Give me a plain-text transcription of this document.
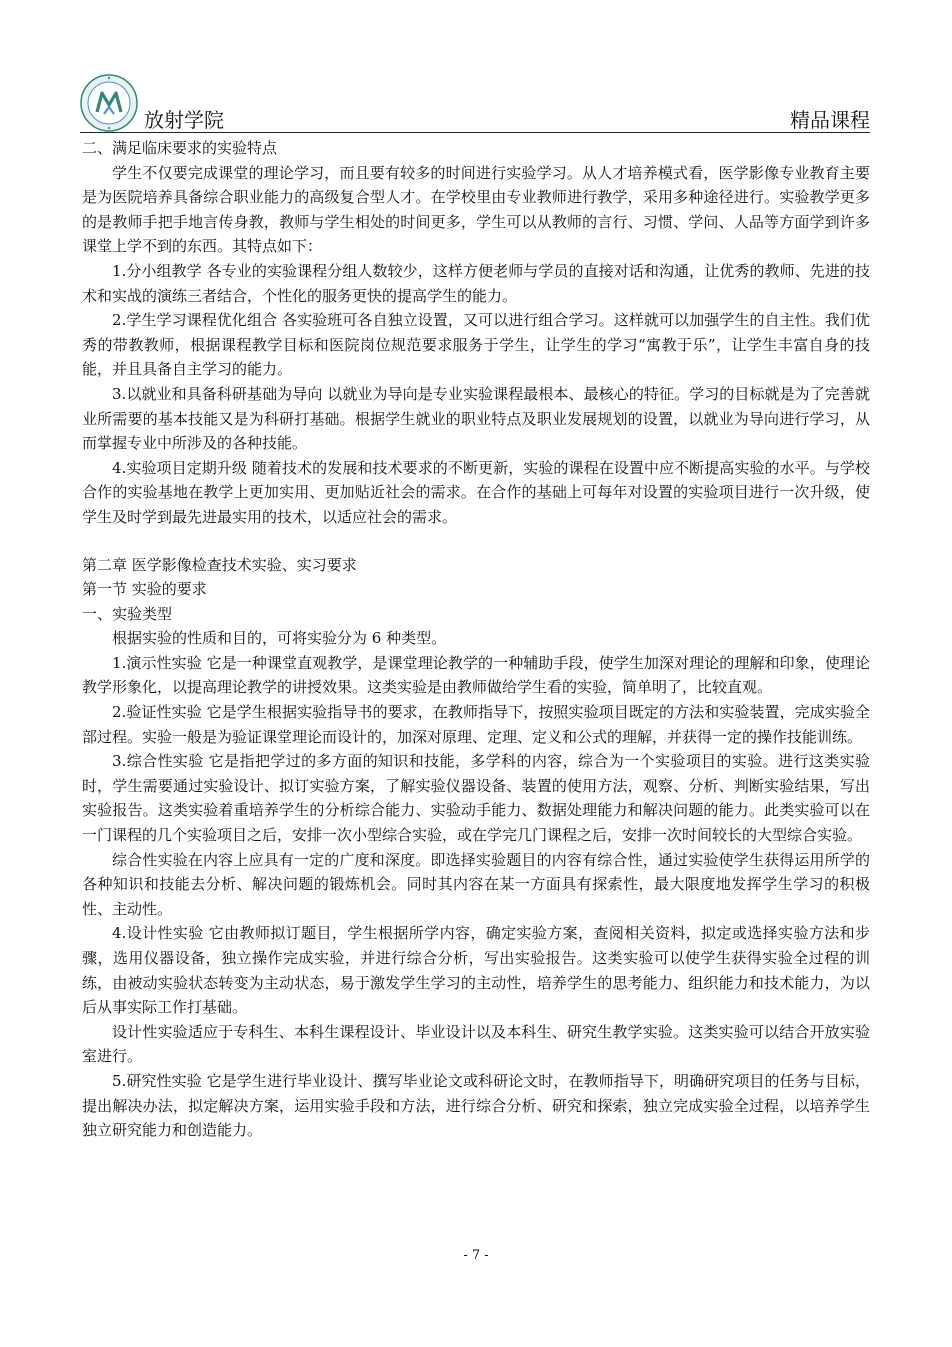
放射学院	精品课程

二、满足临床要求的实验特点

学生不仅要完成课堂的理论学习，而且要有较多的时间进行实验学习。从人才培养模式看，医学影像专业教育主要是为医院培养具备综合职业能力的高级复合型人才。在学校里由专业教师进行教学，采用多种途径进行。实验教学更多的是教师手把手地言传身教，教师与学生相处的时间更多，学生可以从教师的言行、习惯、学问、人品等方面学到许多课堂上学不到的东西。其特点如下：

1.分小组教学 各专业的实验课程分组人数较少，这样方便老师与学员的直接对话和沟通，让优秀的教师、先进的技术和实战的演练三者结合，个性化的服务更快的提高学生的能力。

2.学生学习课程优化组合 各实验班可各自独立设置，又可以进行组合学习。这样就可以加强学生的自主性。我们优秀的带教教师，根据课程教学目标和医院岗位规范要求服务于学生，让学生的学习“寓教于乐”，让学生丰富自身的技能，并且具备自主学习的能力。

3.以就业和具备科研基础为导向 以就业为导向是专业实验课程最根本、最核心的特征。学习的目标就是为了完善就业所需要的基本技能又是为科研打基础。根据学生就业的职业特点及职业发展规划的设置，以就业为导向进行学习，从而掌握专业中所涉及的各种技能。

4.实验项目定期升级 随着技术的发展和技术要求的不断更新，实验的课程在设置中应不断提高实验的水平。与学校合作的实验基地在教学上更加实用、更加贴近社会的需求。在合作的基础上可每年对设置的实验项目进行一次升级，使学生及时学到最先进最实用的技术，以适应社会的需求。

第二章 医学影像检查技术实验、实习要求

第一节 实验的要求

一、实验类型

根据实验的性质和目的，可将实验分为 6 种类型。

1.演示性实验 它是一种课堂直观教学，是课堂理论教学的一种辅助手段，使学生加深对理论的理解和印象，使理论教学形象化，以提高理论教学的讲授效果。这类实验是由教师做给学生看的实验，简单明了，比较直观。

2.验证性实验 它是学生根据实验指导书的要求，在教师指导下，按照实验项目既定的方法和实验装置，完成实验全部过程。实验一般是为验证课堂理论而设计的，加深对原理、定理、定义和公式的理解，并获得一定的操作技能训练。

3.综合性实验 它是指把学过的多方面的知识和技能，多学科的内容，综合为一个实验项目的实验。进行这类实验时，学生需要通过实验设计、拟订实验方案，了解实验仪器设备、装置的使用方法，观察、分析、判断实验结果，写出实验报告。这类实验着重培养学生的分析综合能力、实验动手能力、数据处理能力和解决问题的能力。此类实验可以在一门课程的几个实验项目之后，安排一次小型综合实验，或在学完几门课程之后，安排一次时间较长的大型综合实验。

综合性实验在内容上应具有一定的广度和深度。即选择实验题目的内容有综合性，通过实验使学生获得运用所学的各种知识和技能去分析、解决问题的锻炼机会。同时其内容在某一方面具有探索性，最大限度地发挥学生学习的积极性、主动性。

4.设计性实验 它由教师拟订题目，学生根据所学内容，确定实验方案，查阅相关资料，拟定或选择实验方法和步骤，选用仪器设备，独立操作完成实验，并进行综合分析，写出实验报告。这类实验可以使学生获得实验全过程的训练，由被动实验状态转变为主动状态，易于激发学生学习的主动性，培养学生的思考能力、组织能力和技术能力，为以后从事实际工作打基础。

设计性实验适应于专科生、本科生课程设计、毕业设计以及本科生、研究生教学实验。这类实验可以结合开放实验室进行。

5.研究性实验 它是学生进行毕业设计、撰写毕业论文或科研论文时，在教师指导下，明确研究项目的任务与目标，提出解决办法，拟定解决方案，运用实验手段和方法，进行综合分析、研究和探索，独立完成实验全过程，以培养学生独立研究能力和创造能力。

- 7 -
